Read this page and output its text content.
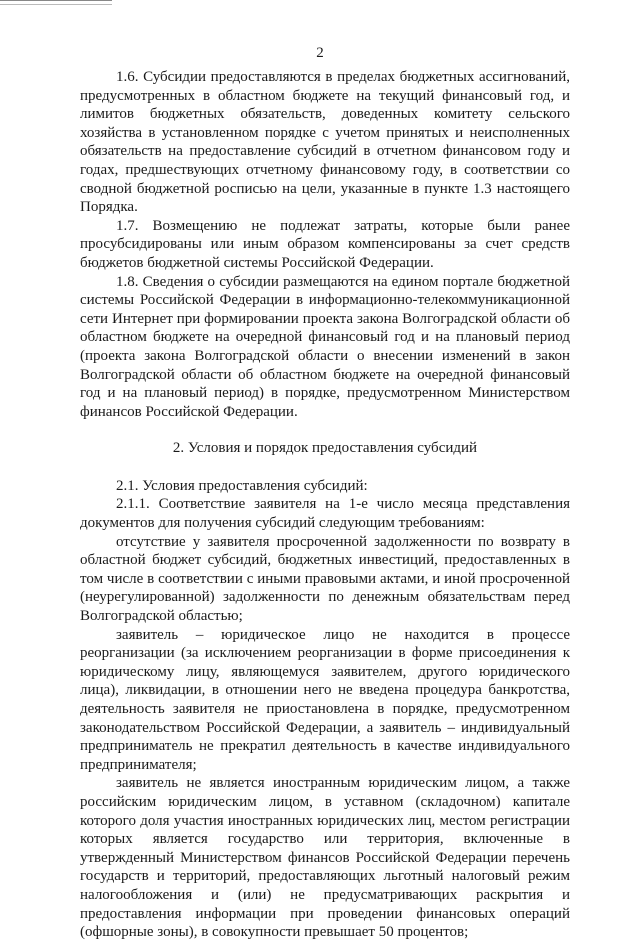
2

1.6. Субсидии предоставляются в пределах бюджетных ассигнований, предусмотренных в областном бюджете на текущий финансовый год, и лимитов бюджетных обязательств, доведенных комитету сельского хозяйства в установленном порядке с учетом принятых и неисполненных обязательств на предоставление субсидий в отчетном финансовом году и годах, предшествующих отчетному финансовому году, в соответствии со сводной бюджетной росписью на цели, указанные в пункте 1.3 настоящего Порядка.

1.7. Возмещению не подлежат затраты, которые были ранее просубсидированы или иным образом компенсированы за счет средств бюджетов бюджетной системы Российской Федерации.

1.8. Сведения о субсидии размещаются на едином портале бюджетной системы Российской Федерации в информационно-телекоммуникационной сети Интернет при формировании проекта закона Волгоградской области об областном бюджете на очередной финансовый год и на плановый период (проекта закона Волгоградской области о внесении изменений в закон Волгоградской области об областном бюджете на очередной финансовый год и на плановый период) в порядке, предусмотренном Министерством финансов Российской Федерации.

2. Условия и порядок предоставления субсидий

2.1. Условия предоставления субсидий:

2.1.1. Соответствие заявителя на 1-е число месяца представления документов для получения субсидий следующим требованиям:

отсутствие у заявителя просроченной задолженности по возврату в областной бюджет субсидий, бюджетных инвестиций, предоставленных в том числе в соответствии с иными правовыми актами, и иной просроченной (неурегулированной) задолженности по денежным обязательствам перед Волгоградской областью;

заявитель – юридическое лицо не находится в процессе реорганизации (за исключением реорганизации в форме присоединения к юридическому лицу, являющемуся заявителем, другого юридического лица), ликвидации, в отношении него не введена процедура банкротства, деятельность заявителя не приостановлена в порядке, предусмотренном законодательством Российской Федерации, а заявитель – индивидуальный предприниматель не прекратил деятельность в качестве индивидуального предпринимателя;

заявитель не является иностранным юридическим лицом, а также российским юридическим лицом, в уставном (складочном) капитале которого доля участия иностранных юридических лиц, местом регистрации которых является государство или территория, включенные в утвержденный Министерством финансов Российской Федерации перечень государств и территорий, предоставляющих льготный налоговый режим налогообложения и (или) не предусматривающих раскрытия и предоставления информации при проведении финансовых операций (офшорные зоны), в совокупности превышает 50 процентов;
